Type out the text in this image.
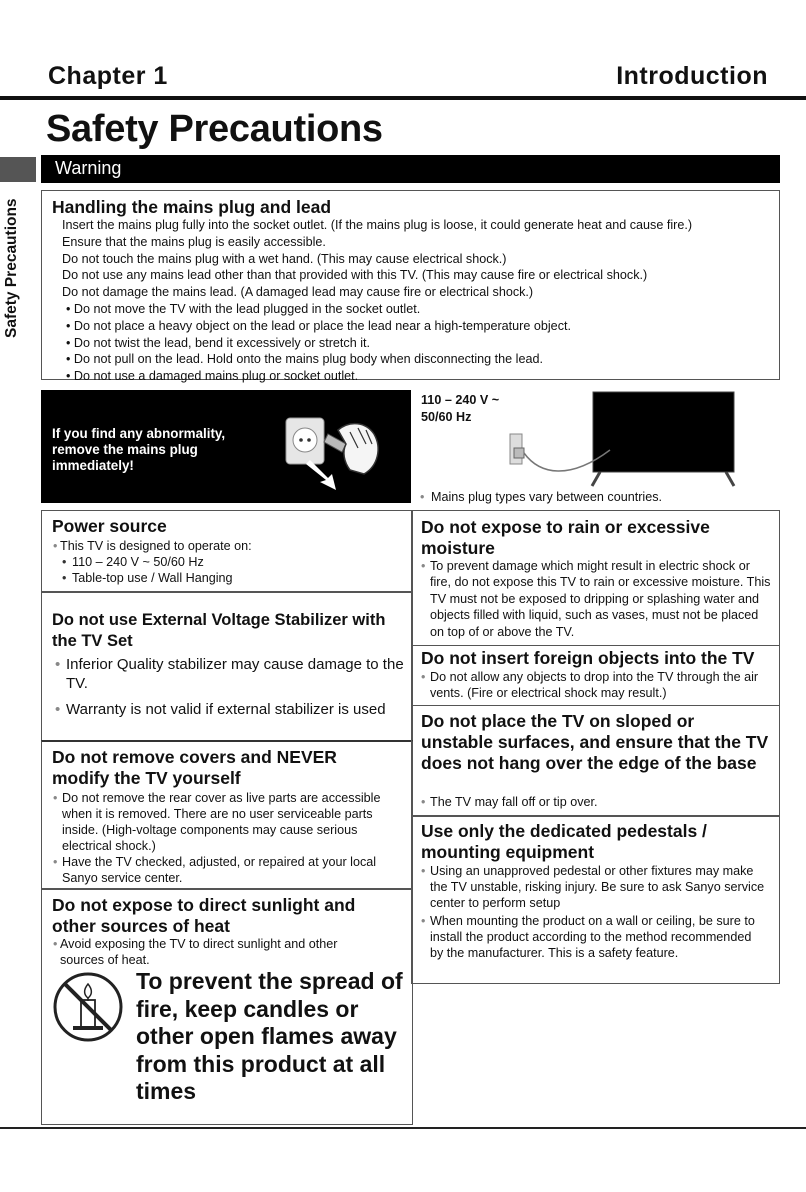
Chapter 1	Introduction
Safety Precautions
Warning
Safety Precautions	Handling the mains plug and lead

Insert the mains plug fully into the socket outlet. (If the mains plug is loose, it could generate heat and cause fire.)

Ensure that the mains plug is easily accessible.

Do not touch the mains plug with a wet hand. (This may cause electrical shock.)

Do not use any mains lead other than that provided with this TV. (This may cause fire or electrical shock.)

Do not damage the mains lead. (A damaged lead may cause fire or electrical shock.)

• Do not move the TV with the lead plugged in the socket outlet.

• Do not place a heavy object on the lead or place the lead near a high-temperature object.

• Do not twist the lead, bend it excessively or stretch it.

• Do not pull on the lead. Hold onto the mains plug body when disconnecting the lead.

• Do not use a damaged mains plug or socket outlet.

If you find any abnormality, remove the mains plug immediately!
110 – 240 V ~
50/60 Hz
• Mains plug types vary between countries.
Power source

• This TV is designed to operate on:

• 110 – 240 V ~ 50/60 Hz

• Table-top use / Wall Hanging

Do not use External Voltage Stabilizer with the TV Set

• Inferior Quality stabilizer may cause damage to the TV.

• Warranty is not valid if external stabilizer is used

Do not remove covers and NEVER modify the TV yourself

• Do not remove the rear cover as live parts are accessible when it is removed. There are no user serviceable parts inside. (High-voltage components may cause serious electrical shock.)

• Have the TV checked, adjusted, or repaired at your local Sanyo service center.

Do not expose to direct sunlight and other sources of heat

• Avoid exposing the TV to direct sunlight and other sources of heat.

To prevent the spread of fire, keep candles or other open flames away from this product at all times
Do not expose to rain or excessive moisture

• To prevent damage which might result in electric shock or fire, do not expose this TV to rain or excessive moisture. This TV must not be exposed to dripping or splashing water and objects filled with liquid, such as vases, must not be placed on top of or above the TV.

Do not insert foreign objects into the TV

• Do not allow any objects to drop into the TV through the air vents. (Fire or electrical shock may result.)

Do not place the TV on sloped or unstable surfaces, and ensure that the TV does not hang over the edge of the base

• The TV may fall off or tip over.

Use only the dedicated pedestals / mounting equipment

• Using an unapproved pedestal or other fixtures may make the TV unstable, risking injury. Be sure to ask Sanyo service center to perform setup

• When mounting the product on a wall or ceiling, be sure to install the product according to the method recommended by the manufacturer. This is a safety feature.
